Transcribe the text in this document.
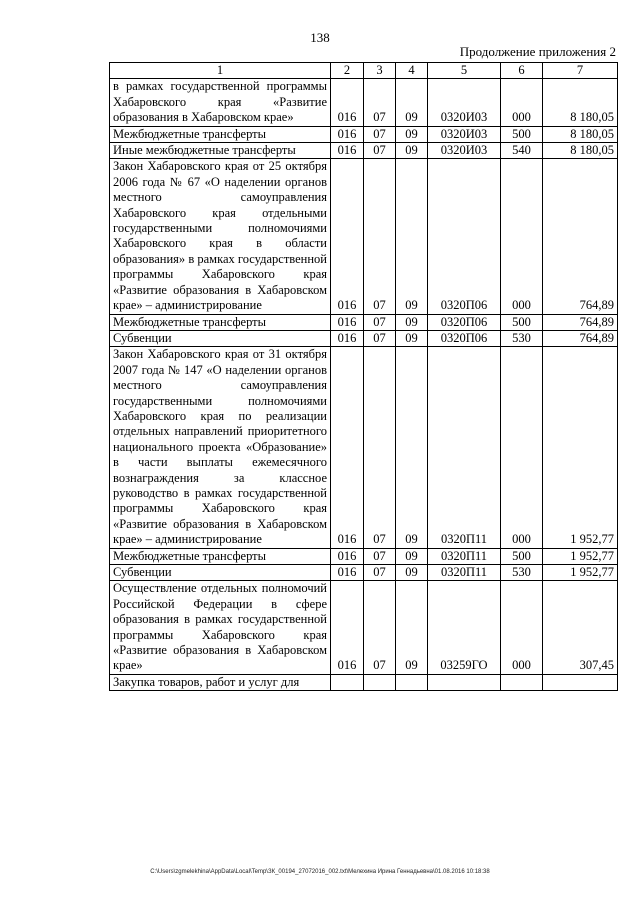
138
Продолжение приложения 2
1	2	3	4	5	6	7
в рамках государственной программы Хабаровского края «Развитие образования в Хабаровском крае»	016	07	09	0320И03	000	8 180,05
Межбюджетные трансферты	016	07	09	0320И03	500	8 180,05
Иные межбюджетные трансферты	016	07	09	0320И03	540	8 180,05
Закон Хабаровского края от 25 октября 2006 года № 67 «О наделении органов местного самоуправления Хабаровского края отдельными государственными полномочиями Хабаровского края в области образования» в рамках государственной программы Хабаровского края «Развитие образования в Хабаровском крае» – администрирование	016	07	09	0320П06	000	764,89
Межбюджетные трансферты	016	07	09	0320П06	500	764,89
Субвенции	016	07	09	0320П06	530	764,89
Закон Хабаровского края от 31 октября 2007 года № 147 «О наделении органов местного самоуправления государственными полномочиями Хабаровского края по реализации отдельных направлений приоритетного национального проекта «Образование» в части выплаты ежемесячного вознаграждения за классное руководство в рамках государственной программы Хабаровского края «Развитие образования в Хабаровском крае» – администрирование	016	07	09	0320П11	000	1 952,77
Межбюджетные трансферты	016	07	09	0320П11	500	1 952,77
Субвенции	016	07	09	0320П11	530	1 952,77
Осуществление отдельных полномочий Российской Федерации в сфере образования в рамках государственной программы Хабаровского края «Развитие образования в Хабаровском крае»	016	07	09	03259ГО	000	307,45
Закупка товаров, работ и услуг для						
C:\Users\zgmelekhina\AppData\Local\Temp\ЗК_00194_27072016_002.txt\Мелехина Ирина Геннадьевна\01.08.2016 10:18:38
